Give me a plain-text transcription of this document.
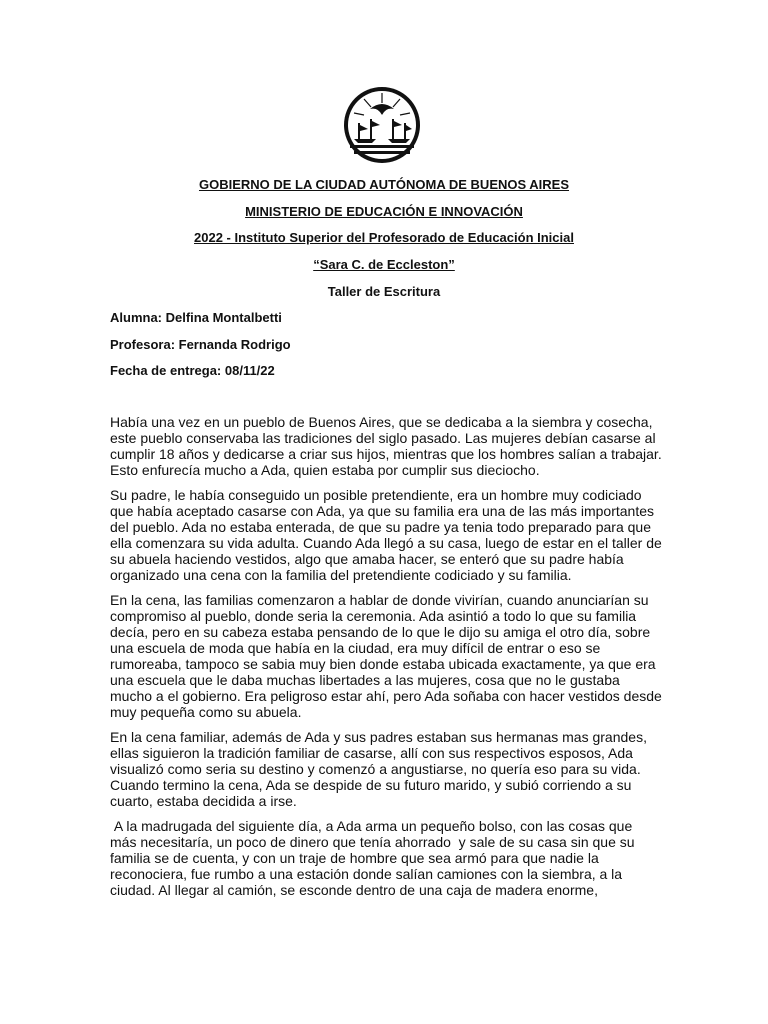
GOBIERNO DE LA CIUDAD AUTÓNOMA DE BUENOS AIRES
MINISTERIO DE EDUCACIÓN E INNOVACIÓN
2022 - Instituto Superior del Profesorado de Educación Inicial
“Sara C. de Eccleston”
Taller de Escritura
Alumna: Delfina Montalbetti
Profesora: Fernanda Rodrigo
Fecha de entrega: 08/11/22

Había una vez en un pueblo de Buenos Aires, que se dedicaba a la siembra y cosecha, este pueblo conservaba las tradiciones del siglo pasado. Las mujeres debían casarse al cumplir 18 años y dedicarse a criar sus hijos, mientras que los hombres salían a trabajar. Esto enfurecía mucho a Ada, quien estaba por cumplir sus dieciocho.

Su padre, le había conseguido un posible pretendiente, era un hombre muy codiciado que había aceptado casarse con Ada, ya que su familia era una de las más importantes del pueblo. Ada no estaba enterada, de que su padre ya tenia todo preparado para que ella comenzara su vida adulta. Cuando Ada llegó a su casa, luego de estar en el taller de su abuela haciendo vestidos, algo que amaba hacer, se enteró que su padre había organizado una cena con la familia del pretendiente codiciado y su familia.

En la cena, las familias comenzaron a hablar de donde vivirían, cuando anunciarían su compromiso al pueblo, donde seria la ceremonia. Ada asintió a todo lo que su familia decía, pero en su cabeza estaba pensando de lo que le dijo su amiga el otro día, sobre una escuela de moda que había en la ciudad, era muy difícil de entrar o eso se rumoreaba, tampoco se sabia muy bien donde estaba ubicada exactamente, ya que era una escuela que le daba muchas libertades a las mujeres, cosa que no le gustaba mucho a el gobierno. Era peligroso estar ahí, pero Ada soñaba con hacer vestidos desde muy pequeña como su abuela.

En la cena familiar, además de Ada y sus padres estaban sus hermanas mas grandes, ellas siguieron la tradición familiar de casarse, allí con sus respectivos esposos, Ada visualizó como seria su destino y comenzó a angustiarse, no quería eso para su vida. Cuando termino la cena, Ada se despide de su futuro marido, y subió corriendo a su cuarto, estaba decidida a irse.

A la madrugada del siguiente día, a Ada arma un pequeño bolso, con las cosas que más necesitaría, un poco de dinero que tenía ahorrado  y sale de su casa sin que su familia se de cuenta, y con un traje de hombre que sea armó para que nadie la reconociera, fue rumbo a una estación donde salían camiones con la siembra, a la ciudad. Al llegar al camión, se esconde dentro de una caja de madera enorme,
